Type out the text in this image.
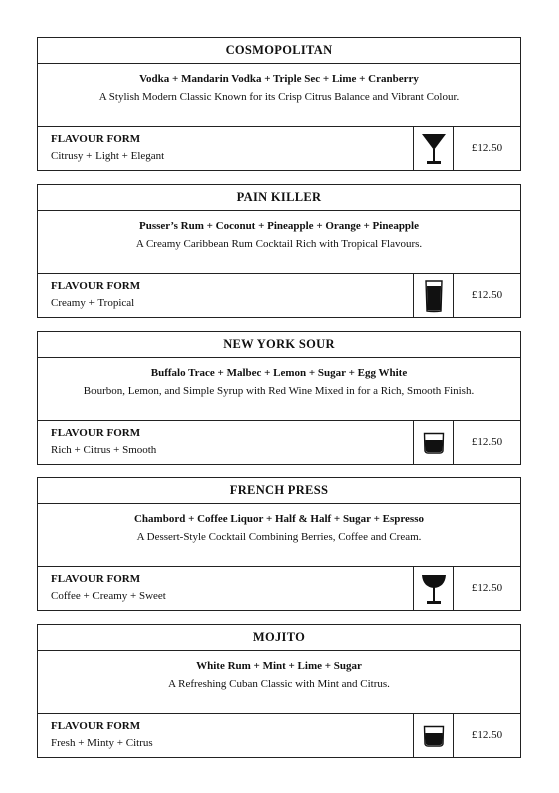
COSMOPOLITAN
Vodka + Mandarin Vodka + Triple Sec + Lime + Cranberry
A Stylish Modern Classic Known for its Crisp Citrus Balance and Vibrant Colour.
FLAVOUR FORM
Citrusy + Light + Elegant
£12.50
PAIN KILLER
Pusser’s Rum + Coconut + Pineapple + Orange + Pineapple
A Creamy Caribbean Rum Cocktail Rich with Tropical Flavours.
FLAVOUR FORM
Creamy + Tropical
£12.50
NEW YORK SOUR
Buffalo Trace + Malbec + Lemon + Sugar + Egg White
Bourbon, Lemon, and Simple Syrup with Red Wine Mixed in for a Rich, Smooth Finish.
FLAVOUR FORM
Rich + Citrus + Smooth
£12.50
FRENCH PRESS
Chambord + Coffee Liquor + Half & Half + Sugar + Espresso
A Dessert-Style Cocktail Combining Berries, Coffee and Cream.
FLAVOUR FORM
Coffee + Creamy + Sweet
£12.50
MOJITO
White Rum + Mint + Lime + Sugar
A Refreshing Cuban Classic with Mint and Citrus.
FLAVOUR FORM
Fresh + Minty + Citrus
£12.50
